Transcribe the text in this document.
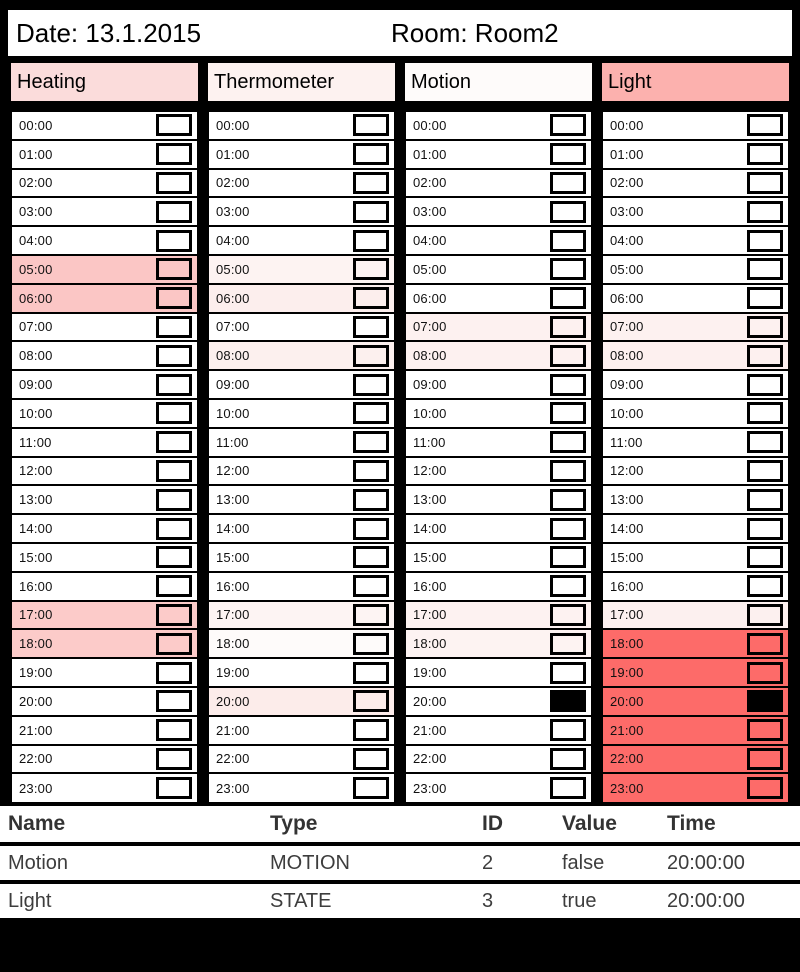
Date: 13.1.2015	Room: Room2
Heating	Thermometer	Motion	Light
00:00
01:00
02:00
03:00
04:00
05:00
06:00
07:00
08:00
09:00
10:00
11:00
12:00
13:00
14:00
15:00
16:00
17:00
18:00
19:00
20:00
21:00
22:00
23:00
00:00
01:00
02:00
03:00
04:00
05:00
06:00
07:00
08:00
09:00
10:00
11:00
12:00
13:00
14:00
15:00
16:00
17:00
18:00
19:00
20:00
21:00
22:00
23:00
00:00
01:00
02:00
03:00
04:00
05:00
06:00
07:00
08:00
09:00
10:00
11:00
12:00
13:00
14:00
15:00
16:00
17:00
18:00
19:00
20:00
21:00
22:00
23:00
00:00
01:00
02:00
03:00
04:00
05:00
06:00
07:00
08:00
09:00
10:00
11:00
12:00
13:00
14:00
15:00
16:00
17:00
18:00
19:00
20:00
21:00
22:00
23:00
Name	Type	ID	Value	Time
Motion	MOTION	2	false	20:00:00
Light	STATE	3	true	20:00:00
